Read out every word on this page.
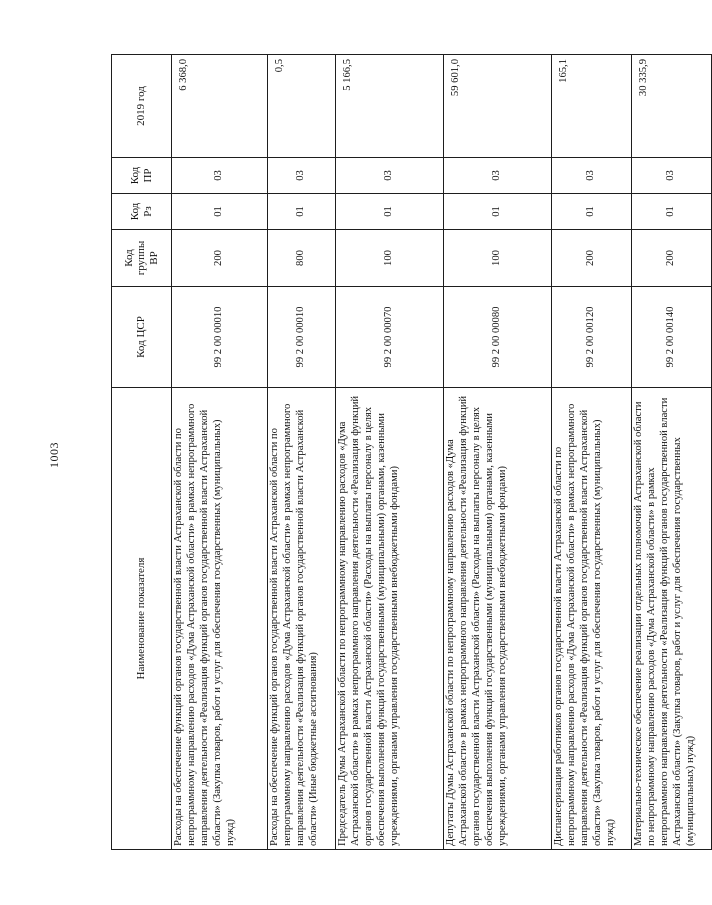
1003
Наименование показателя	Код ЦСР	Код группы ВР	Код Рз	Код ПР	2019 год
Расходы на обеспечение функций органов государственной власти Астраханской области по непрограммному направлению расходов «Дума Астраханской области» в рамках непрограммного направления деятельности «Реализация функций органов государственной власти Астраханской области» (Закупка товаров, работ и услуг для обеспечения государственных (муниципальных) нужд)	99 2 00 00010	200	01	03	6 368,0
Расходы на обеспечение функций органов государственной власти Астраханской области по непрограммному направлению расходов «Дума Астраханской области» в рамках непрограммного направления деятельности «Реализация функций органов государственной власти Астраханской области» (Иные бюджетные ассигнования)	99 2 00 00010	800	01	03	0,5
Председатель Думы Астраханской области по непрограммному направлению расходов «Дума Астраханской области» в рамках непрограммного направления деятельности «Реализация функций органов государственной власти Астраханской области» (Расходы на выплаты персоналу в целях обеспечения выполнения функций государственными (муниципальными) органами, казенными учреждениями, органами управления государственными внебюджетными фондами)	99 2 00 00070	100	01	03	5 166,5
Депутаты Думы Астраханской области по непрограммному направлению расходов «Дума Астраханской области» в рамках непрограммного направления деятельности «Реализация функций органов государственной власти Астраханской области» (Расходы на выплаты персоналу в целях обеспечения выполнения функций государственными (муниципальными) органами, казенными учреждениями, органами управления государственными внебюджетными фондами)	99 2 00 00080	100	01	03	59 601,0
Диспансеризация работников органов государственной власти Астраханской области по непрограммному направлению расходов «Дума Астраханской области» в рамках непрограммного направления деятельности «Реализация функций органов государственной власти Астраханской области» (Закупка товаров, работ и услуг для обеспечения государственных (муниципальных) нужд)	99 2 00 00120	200	01	03	165,1
Материально-техническое обеспечение реализации отдельных полномочий Астраханской области по непрограммному направлению расходов «Дума Астраханской области» в рамках непрограммного направления деятельности «Реализация функций органов государственной власти Астраханской области» (Закупка товаров, работ и услуг для обеспечения государственных (муниципальных) нужд)	99 2 00 00140	200	01	03	30 335,9
